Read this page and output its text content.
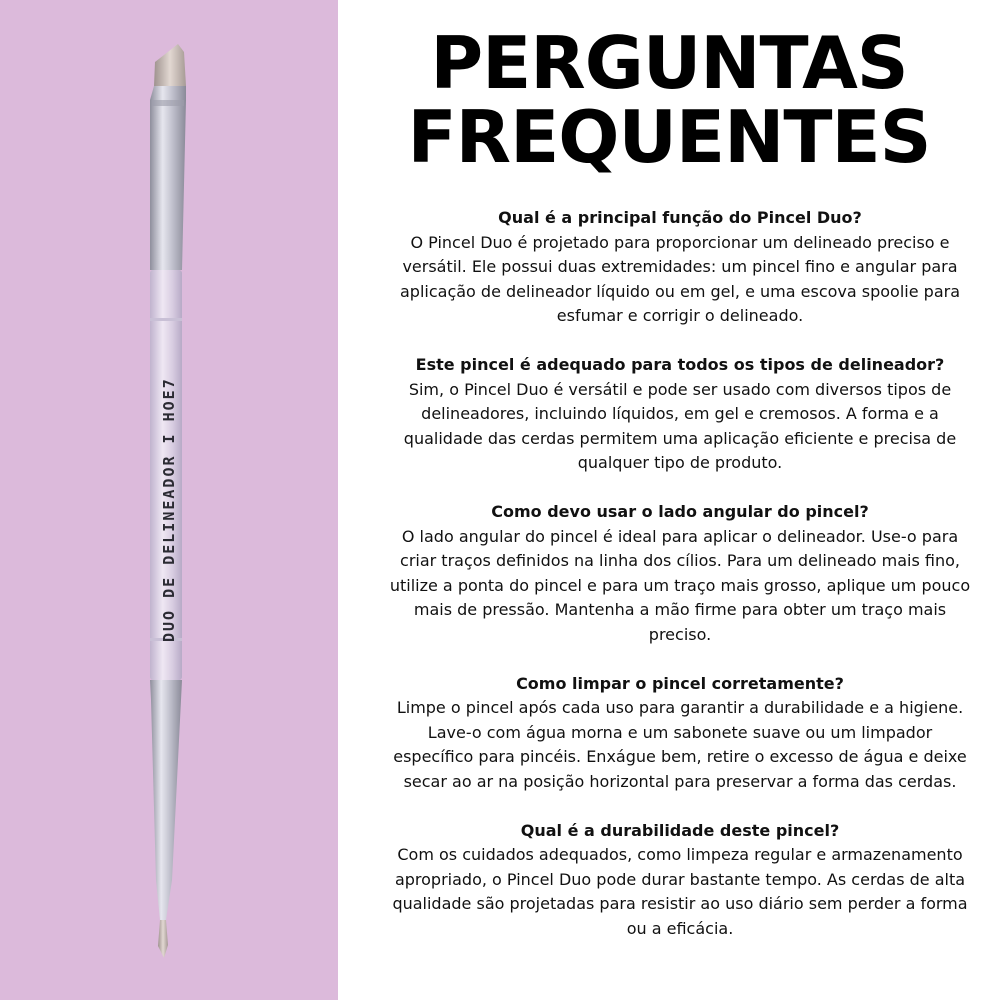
DUO DE DELINEADOR I HOE7
PERGUNTAS
FREQUENTES

Qual é a principal função do Pincel Duo?

O Pincel Duo é projetado para proporcionar um delineado preciso e versátil. Ele possui duas extremidades: um pincel fino e angular para aplicação de delineador líquido ou em gel, e uma escova spoolie para esfumar e corrigir o delineado.

Este pincel é adequado para todos os tipos de delineador?

Sim, o Pincel Duo é versátil e pode ser usado com diversos tipos de delineadores, incluindo líquidos, em gel e cremosos. A forma e a qualidade das cerdas permitem uma aplicação eficiente e precisa de qualquer tipo de produto.

Como devo usar o lado angular do pincel?

O lado angular do pincel é ideal para aplicar o delineador. Use-o para criar traços definidos na linha dos cílios. Para um delineado mais fino, utilize a ponta do pincel e para um traço mais grosso, aplique um pouco mais de pressão. Mantenha a mão firme para obter um traço mais preciso.

Como limpar o pincel corretamente?

Limpe o pincel após cada uso para garantir a durabilidade e a higiene. Lave-o com água morna e um sabonete suave ou um limpador específico para pincéis. Enxágue bem, retire o excesso de água e deixe secar ao ar na posição horizontal para preservar a forma das cerdas.

Qual é a durabilidade deste pincel?

Com os cuidados adequados, como limpeza regular e armazenamento apropriado, o Pincel Duo pode durar bastante tempo. As cerdas de alta qualidade são projetadas para resistir ao uso diário sem perder a forma ou a eficácia.
